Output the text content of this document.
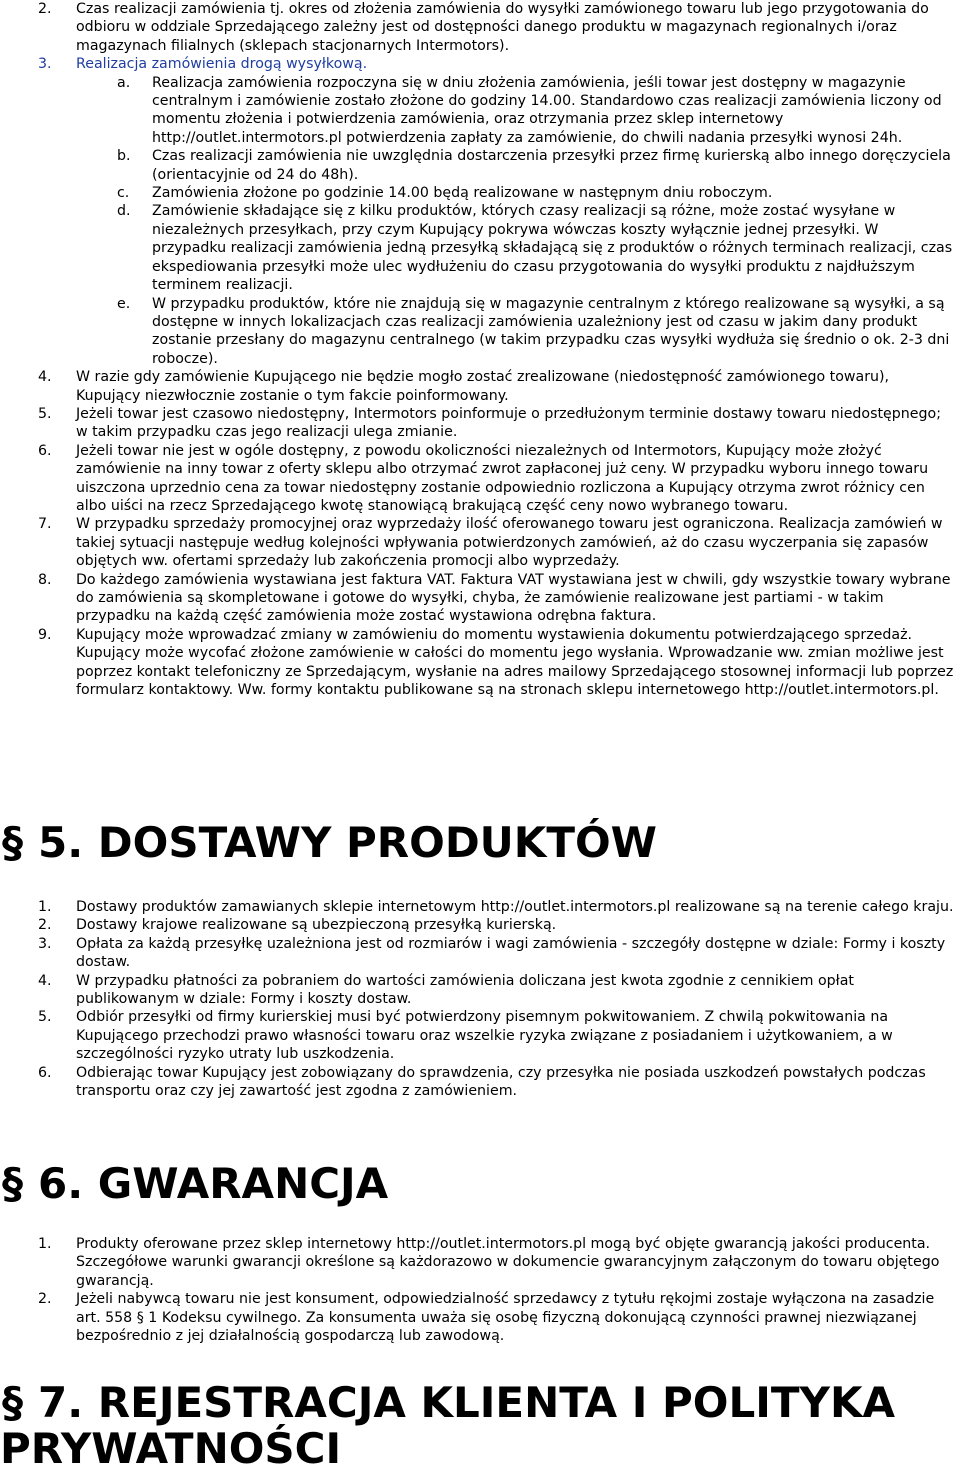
2. Czas realizacji zamówienia tj. okres od złożenia zamówienia do wysyłki zamówionego towaru lub jego przygotowania do odbioru w oddziale Sprzedającego zależny jest od dostępności danego produktu w magazynach regionalnych i/oraz magazynach filialnych (sklepach stacjonarnych Intermotors).
3. Realizacja zamówienia drogą wysyłkową.
a. Realizacja zamówienia rozpoczyna się w dniu złożenia zamówienia, jeśli towar jest dostępny w magazynie centralnym i zamówienie zostało złożone do godziny 14.00. Standardowo czas realizacji zamówienia liczony od momentu złożenia i potwierdzenia zamówienia, oraz otrzymania przez sklep internetowy http://outlet.intermotors.pl potwierdzenia zapłaty za zamówienie, do chwili nadania przesyłki wynosi 24h.
b. Czas realizacji zamówienia nie uwzględnia dostarczenia przesyłki przez firmę kurierską albo innego doręczyciela (orientacyjnie od 24 do 48h).
c. Zamówienia złożone po godzinie 14.00 będą realizowane w następnym dniu roboczym.
d. Zamówienie składające się z kilku produktów, których czasy realizacji są różne, może zostać wysyłane w niezależnych przesyłkach, przy czym Kupujący pokrywa wówczas koszty wyłącznie jednej przesyłki. W przypadku realizacji zamówienia jedną przesyłką składającą się z produktów o różnych terminach realizacji, czas ekspediowania przesyłki może ulec wydłużeniu do czasu przygotowania do wysyłki produktu z najdłuższym terminem realizacji.
e. W przypadku produktów, które nie znajdują się w magazynie centralnym z którego realizowane są wysyłki, a są dostępne w innych lokalizacjach czas realizacji zamówienia uzależniony jest od czasu w jakim dany produkt zostanie przesłany do magazynu centralnego (w takim przypadku czas wysyłki wydłuża się średnio o ok. 2-3 dni robocze).
4. W razie gdy zamówienie Kupującego nie będzie mogło zostać zrealizowane (niedostępność zamówionego towaru), Kupujący niezwłocznie zostanie o tym fakcie poinformowany.
5. Jeżeli towar jest czasowo niedostępny, Intermotors poinformuje o przedłużonym terminie dostawy towaru niedostępnego; w takim przypadku czas jego realizacji ulega zmianie.
6. Jeżeli towar nie jest w ogóle dostępny, z powodu okoliczności niezależnych od Intermotors, Kupujący może złożyć zamówienie na inny towar z oferty sklepu albo otrzymać zwrot zapłaconej już ceny. W przypadku wyboru innego towaru uiszczona uprzednio cena za towar niedostępny zostanie odpowiednio rozliczona a Kupujący otrzyma zwrot różnicy cen albo uiści na rzecz Sprzedającego kwotę stanowiącą brakującą część ceny nowo wybranego towaru.
7. W przypadku sprzedaży promocyjnej oraz wyprzedaży ilość oferowanego towaru jest ograniczona. Realizacja zamówień w takiej sytuacji następuje według kolejności wpływania potwierdzonych zamówień, aż do czasu wyczerpania się zapasów objętych ww. ofertami sprzedaży lub zakończenia promocji albo wyprzedaży.
8. Do każdego zamówienia wystawiana jest faktura VAT. Faktura VAT wystawiana jest w chwili, gdy wszystkie towary wybrane do zamówienia są skompletowane i gotowe do wysyłki, chyba, że zamówienie realizowane jest partiami - w takim przypadku na każdą część zamówienia może zostać wystawiona odrębna faktura.
9. Kupujący może wprowadzać zmiany w zamówieniu do momentu wystawienia dokumentu potwierdzającego sprzedaż. Kupujący może wycofać złożone zamówienie w całości do momentu jego wysłania. Wprowadzanie ww. zmian możliwe jest poprzez kontakt telefoniczny ze Sprzedającym, wysłanie na adres mailowy Sprzedającego stosownej informacji lub poprzez formularz kontaktowy. Ww. formy kontaktu publikowane są na stronach sklepu internetowego http://outlet.intermotors.pl.
§ 5. DOSTAWY PRODUKTÓW
1. Dostawy produktów zamawianych sklepie internetowym http://outlet.intermotors.pl realizowane są na terenie całego kraju.
2. Dostawy krajowe realizowane są ubezpieczoną przesyłką kurierską.
3. Opłata za każdą przesyłkę uzależniona jest od rozmiarów i wagi zamówienia - szczegóły dostępne w dziale: Formy i koszty dostaw.
4. W przypadku płatności za pobraniem do wartości zamówienia doliczana jest kwota zgodnie z cennikiem opłat publikowanym w dziale: Formy i koszty dostaw.
5. Odbiór przesyłki od firmy kurierskiej musi być potwierdzony pisemnym pokwitowaniem. Z chwilą pokwitowania na Kupującego przechodzi prawo własności towaru oraz wszelkie ryzyka związane z posiadaniem i użytkowaniem, a w szczególności ryzyko utraty lub uszkodzenia.
6. Odbierając towar Kupujący jest zobowiązany do sprawdzenia, czy przesyłka nie posiada uszkodzeń powstałych podczas transportu oraz czy jej zawartość jest zgodna z zamówieniem.
§ 6. GWARANCJA
1. Produkty oferowane przez sklep internetowy http://outlet.intermotors.pl mogą być objęte gwarancją jakości producenta. Szczegółowe warunki gwarancji określone są każdorazowo w dokumencie gwarancyjnym załączonym do towaru objętego gwarancją.
2. Jeżeli nabywcą towaru nie jest konsument, odpowiedzialność sprzedawcy z tytułu rękojmi zostaje wyłączona na zasadzie art. 558 § 1 Kodeksu cywilnego. Za konsumenta uważa się osobę fizyczną dokonującą czynności prawnej niezwiązanej bezpośrednio z jej działalnością gospodarczą lub zawodową.
§ 7. REJESTRACJA KLIENTA I POLITYKA
PRYWATNOŚCI
